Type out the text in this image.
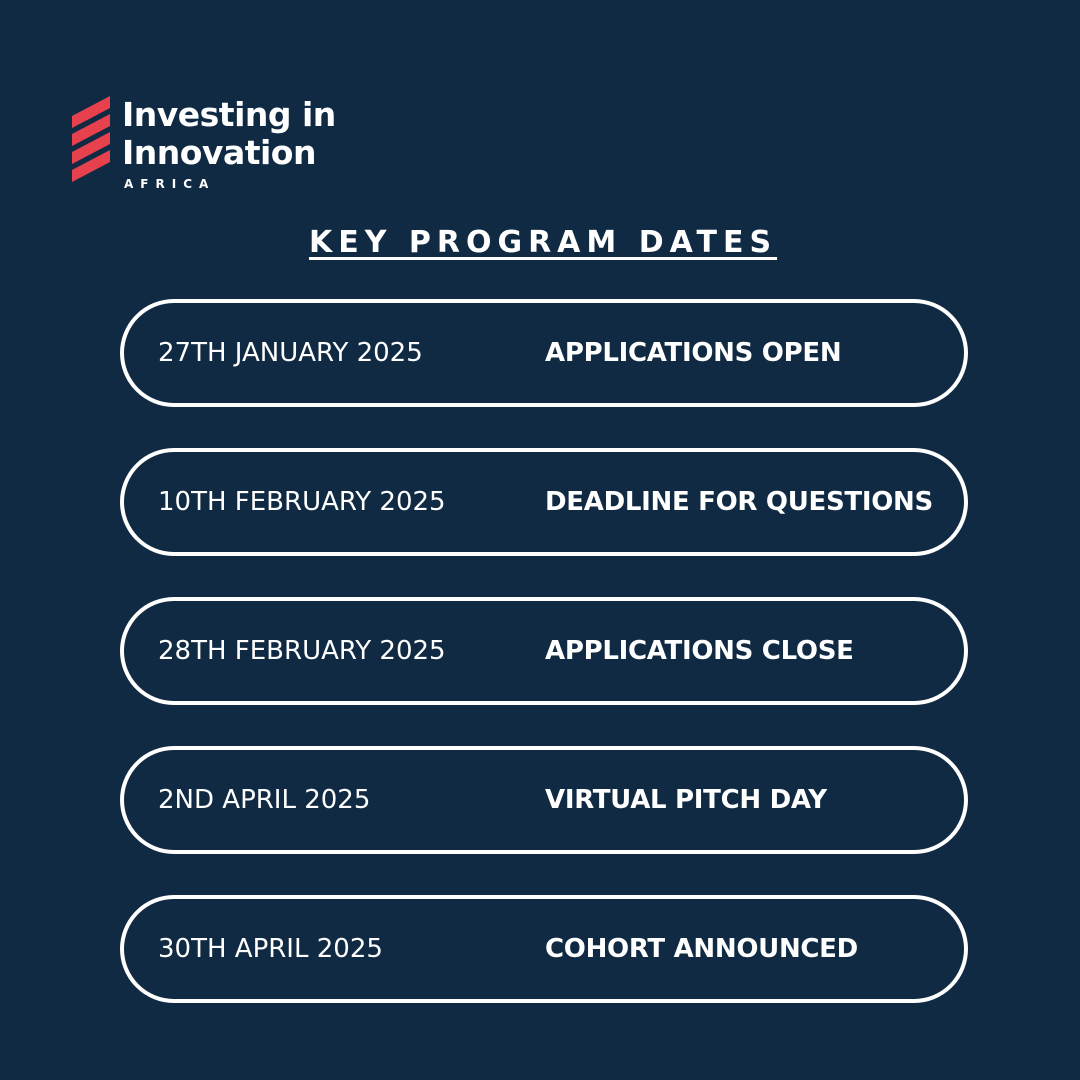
Investing in
Innovation
AFRICA
KEY PROGRAM DATES
27TH JANUARY 2025	APPLICATIONS OPEN
10TH FEBRUARY 2025	DEADLINE FOR QUESTIONS
28TH FEBRUARY 2025	APPLICATIONS CLOSE
2ND APRIL 2025	VIRTUAL PITCH DAY
30TH APRIL 2025	COHORT ANNOUNCED
